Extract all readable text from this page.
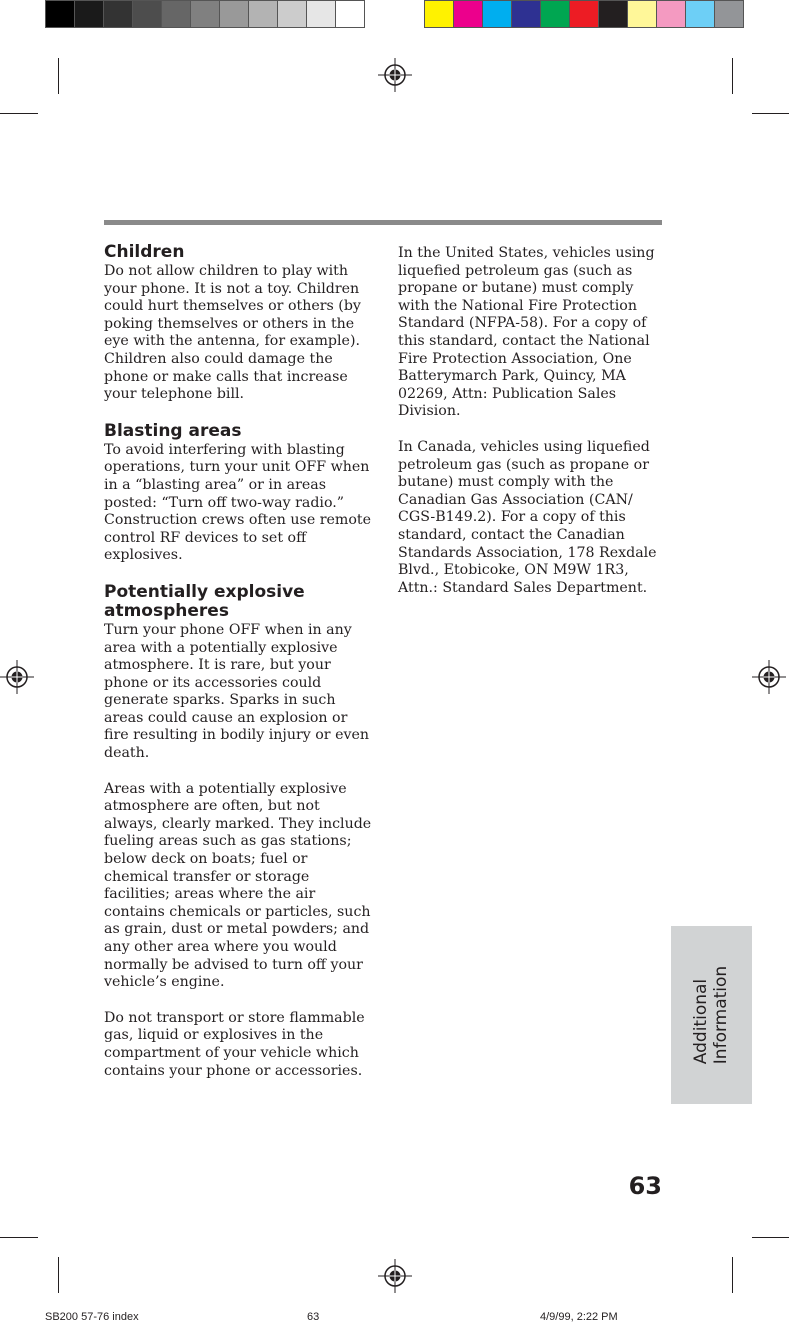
Children

Do not allow children to play with your phone. It is not a toy. Children could hurt themselves or others (by poking themselves or others in the eye with the antenna, for example). Children also could damage the phone or make calls that increase your telephone bill.

Blasting areas

To avoid interfering with blasting operations, turn your unit OFF when in a “blasting area” or in areas posted: “Turn off two-way radio.” Construction crews often use remote control RF devices to set off explosives.

Potentially explosive atmospheres

Turn your phone OFF when in any area with a potentially explosive atmosphere. It is rare, but your phone or its accessories could generate sparks. Sparks in such areas could cause an explosion or fire resulting in bodily injury or even death.

Areas with a potentially explosive atmosphere are often, but not always, clearly marked. They include fueling areas such as gas stations; below deck on boats; fuel or chemical transfer or storage facilities; areas where the air contains chemicals or particles, such as grain, dust or metal powders; and any other area where you would normally be advised to turn off your vehicle’s engine.

Do not transport or store flammable gas, liquid or explosives in the compartment of your vehicle which contains your phone or accessories.

In the United States, vehicles using liquefied petroleum gas (such as propane or butane) must comply with the National Fire Protection Standard (NFPA-58). For a copy of this standard, contact the National Fire Protection Association, One Batterymarch Park, Quincy, MA 02269, Attn: Publication Sales Division.

In Canada, vehicles using liquefied petroleum gas (such as propane or butane) must comply with the Canadian Gas Association (CAN/ CGS-B149.2). For a copy of this standard, contact the Canadian Standards Association, 178 Rexdale Blvd., Etobicoke, ON M9W 1R3, Attn.: Standard Sales Department.

Additional Information
63
SB200 57-76 index	63	4/9/99, 2:22 PM
